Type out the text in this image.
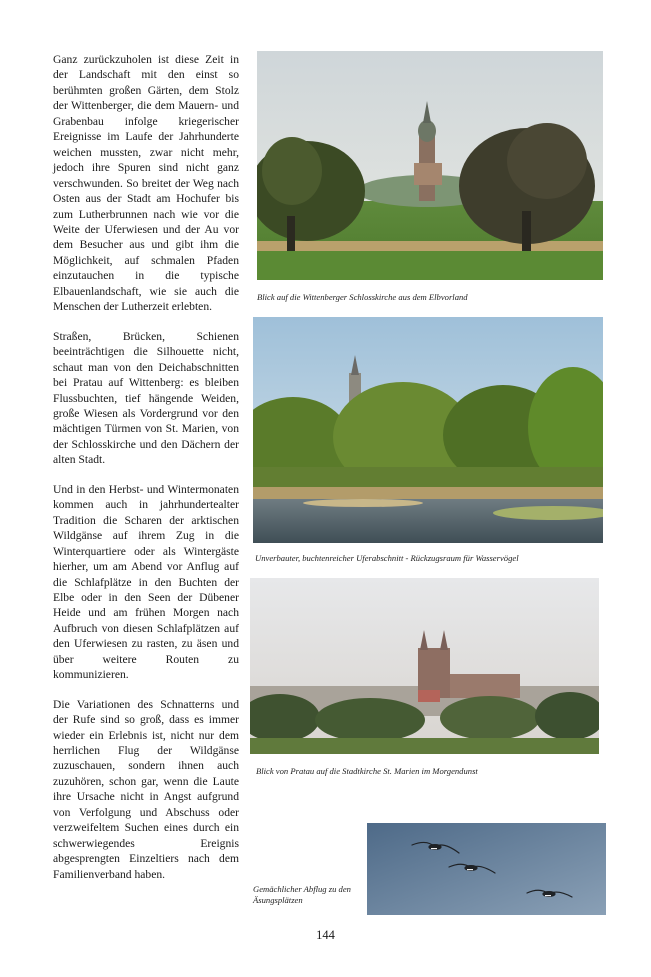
Ganz zurückzuholen ist diese Zeit in der Landschaft mit den einst so berühmten großen Gärten, dem Stolz der Wittenberger, die dem Mauern- und Grabenbau infolge kriegerischer Ereignisse im Laufe der Jahrhunderte weichen mussten, zwar nicht mehr, jedoch ihre Spuren sind nicht ganz verschwunden. So breitet der Weg nach Osten aus der Stadt am Hochufer bis zum Lutherbrunnen nach wie vor die Weite der Uferwiesen und der Au vor dem Besucher aus und gibt ihm die Möglichkeit, auf schmalen Pfaden einzutauchen in die typische Elbauenlandschaft, wie sie auch die Menschen der Lutherzeit erlebten.

Straßen, Brücken, Schienen beeinträchtigen die Silhouette nicht, schaut man von den Deichabschnitten bei Pratau auf Wittenberg: es bleiben Flussbuchten, tief hängende Weiden, große Wiesen als Vordergrund vor den mächtigen Türmen von St. Marien, von der Schlosskirche und den Dächern der alten Stadt.

Und in den Herbst- und Wintermonaten kommen auch in jahrhundertealter Tradition die Scharen der arktischen Wildgänse auf ihrem Zug in die Winterquartiere oder als Wintergäste hierher, um am Abend vor Anflug auf die Schlafplätze in den Buchten der Elbe oder in den Seen der Dübener Heide und am frühen Morgen nach Aufbruch von diesen Schlafplätzen auf den Uferwiesen zu rasten, zu äsen und über weitere Routen zu kommunizieren.

Die Variationen des Schnatterns und der Rufe sind so groß, dass es immer wieder ein Erlebnis ist, nicht nur dem herrlichen Flug der Wildgänse zuzuschauen, sondern ihnen auch zuzuhören, schon gar, wenn die Laute ihre Ursache nicht in Angst aufgrund von Verfolgung und Abschuss oder verzweifeltem Suchen eines durch ein schwerwiegendes Ereignis abgesprengten Einzeltiers nach dem Familienverband haben.

Blick auf die Wittenberger Schlosskirche aus dem Elbvorland
Unverbauter, buchtenreicher Uferabschnitt - Rückzugsraum für Wasservögel
Blick von Pratau auf die Stadtkirche St. Marien im Morgendunst
Gemächlicher Abflug zu den Äsungsplätzen
144
